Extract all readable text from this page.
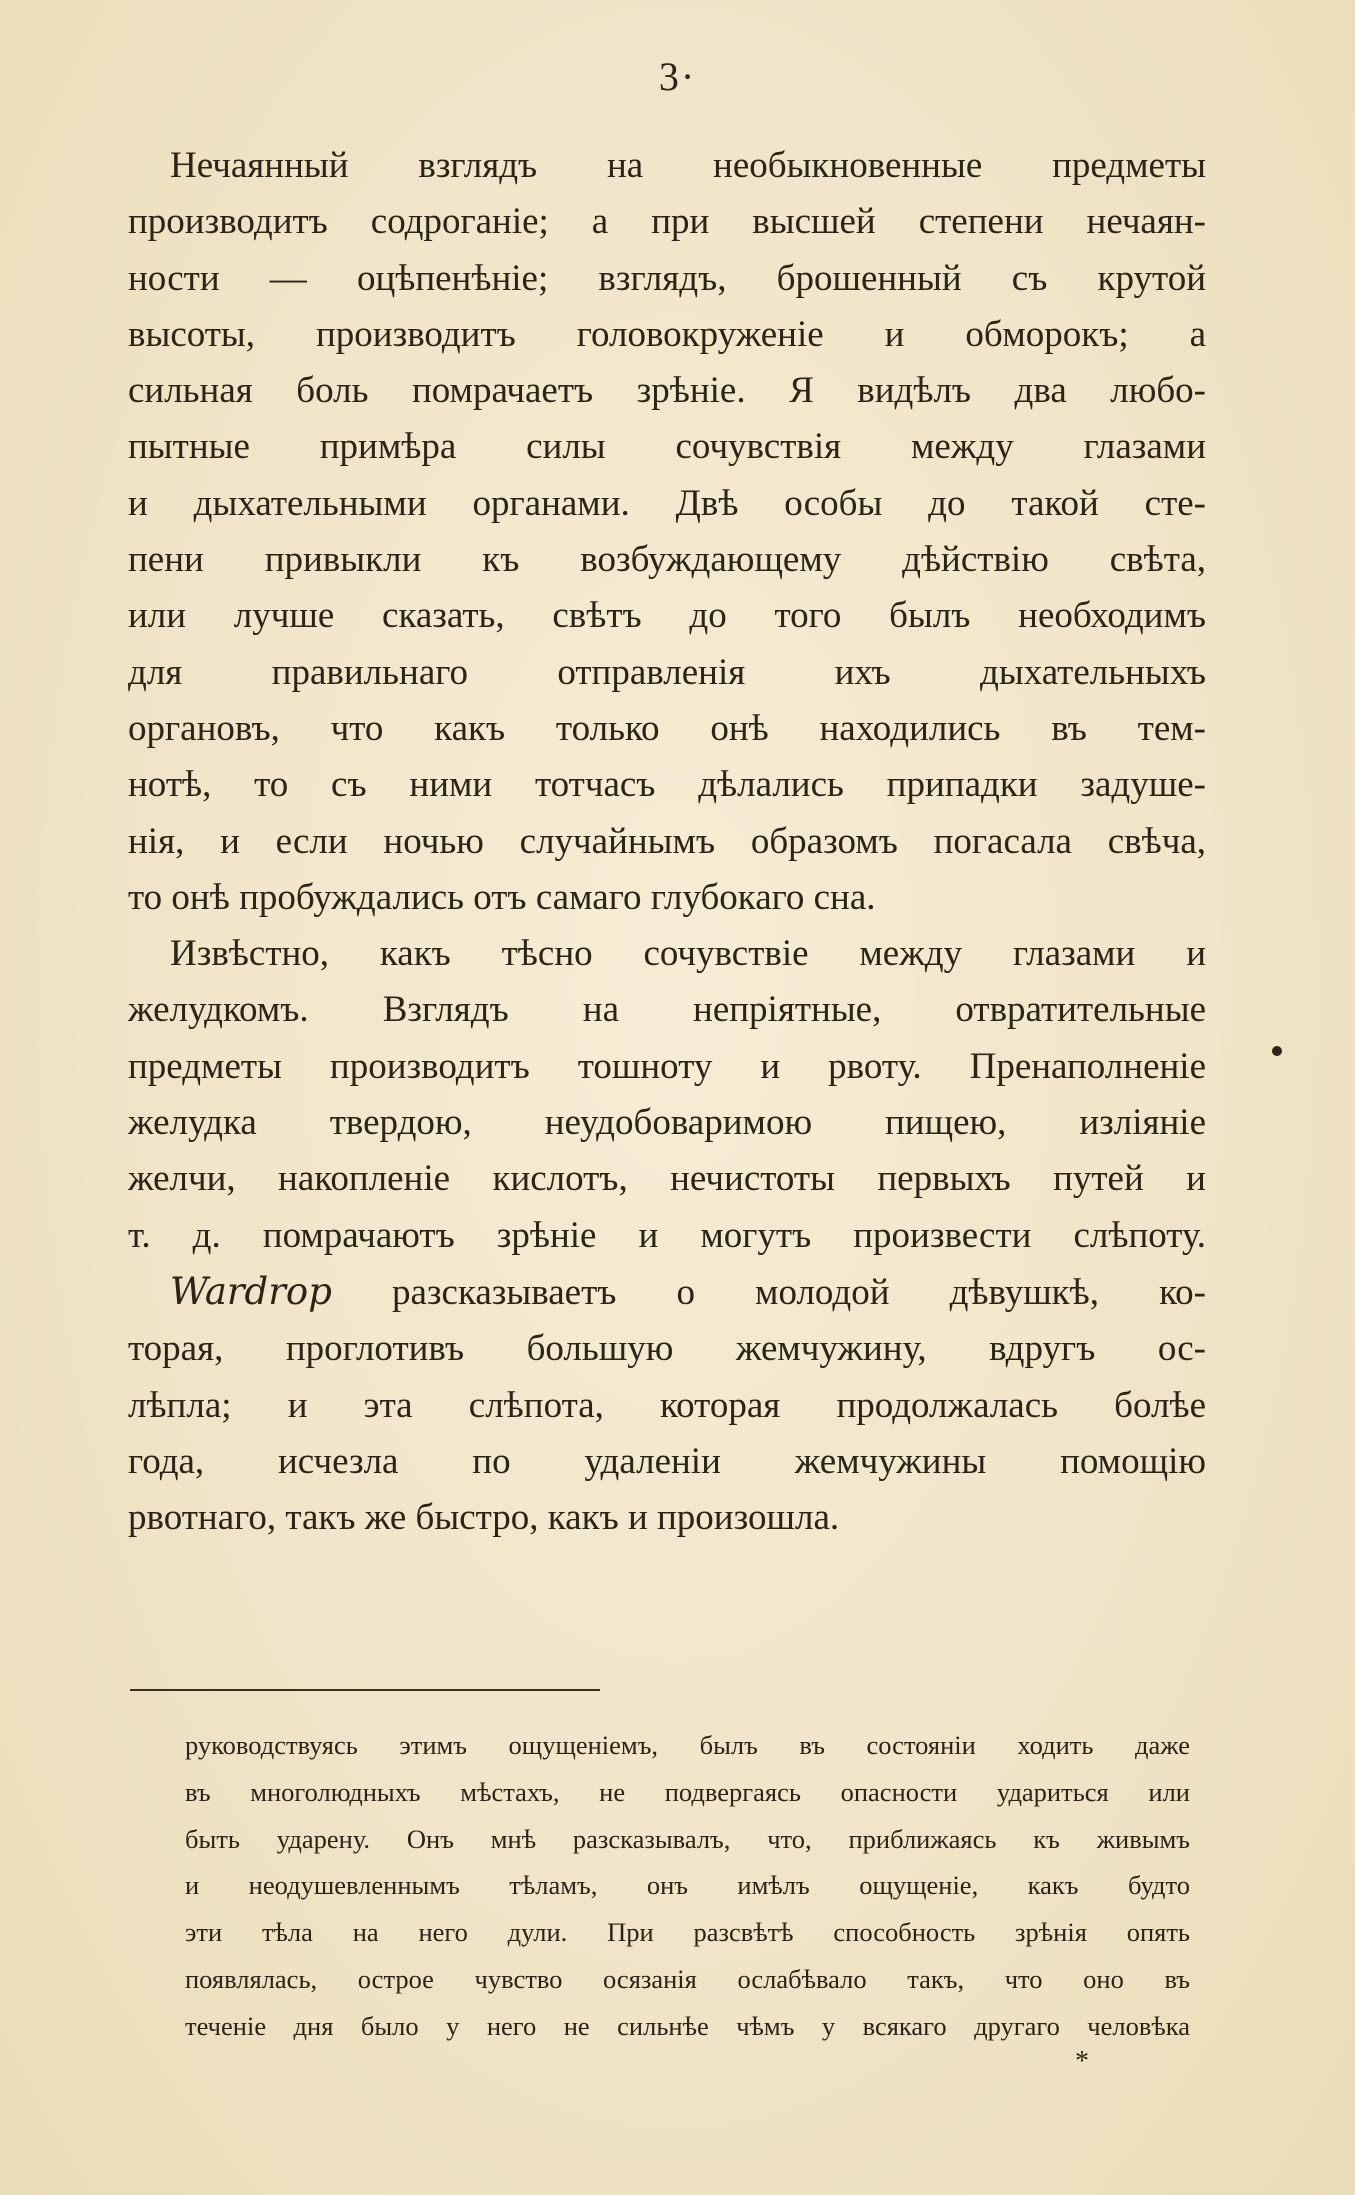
3·
Нечаянный взглядъ на необыкновенные предметы
производитъ содроганіе; а при высшей степени нечаян-
ности — оцѣпенѣніе; взглядъ, брошенный съ крутой
высоты, производитъ головокруженіе и обморокъ; а
сильная боль помрачаетъ зрѣніе. Я видѣлъ два любо-
пытные примѣра силы сочувствія между глазами
и дыхательными органами. Двѣ особы до такой сте-
пени привыкли къ возбуждающему дѣйствію свѣта,
или лучше сказать, свѣтъ до того былъ необходимъ
для правильнаго отправленія ихъ дыхательныхъ
органовъ, что какъ только онѣ находились въ тем-
нотѣ, то съ ними тотчасъ дѣлались припадки задуше-
нія, и если ночью случайнымъ образомъ погасала свѣча,
то онѣ пробуждались отъ самаго глубокаго сна.
Извѣстно, какъ тѣсно сочувствіе между глазами и
желудкомъ. Взглядъ на непріятные, отвратительные
предметы производитъ тошноту и рвоту. Пренаполненіе
желудка твердою, неудобоваримою пищею, изліяніе
желчи, накопленіе кислотъ, нечистоты первыхъ путей и
т. д. помрачаютъ зрѣніе и могутъ произвести слѣпоту.
Wardrop разсказываетъ о молодой дѣвушкѣ, ко-
торая, проглотивъ большую жемчужину, вдругъ ос-
лѣпла; и эта слѣпота, которая продолжалась болѣе
года, исчезла по удаленіи жемчужины помощію
рвотнаго, такъ же быстро, какъ и произошла.
руководствуясь этимъ ощущеніемъ, былъ въ состояніи ходить даже
въ многолюдныхъ мѣстахъ, не подвергаясь опасности удариться или
быть ударену. Онъ мнѣ разсказывалъ, что, приближаясь къ живымъ
и неодушевленнымъ тѣламъ, онъ имѣлъ ощущеніе, какъ будто
эти тѣла на него дули. При разсвѣтѣ способность зрѣнія опять
появлялась, острое чувство осязанія ослабѣвало такъ, что оно въ
теченіе дня было у него не сильнѣе чѣмъ у всякаго другаго человѣка
*
